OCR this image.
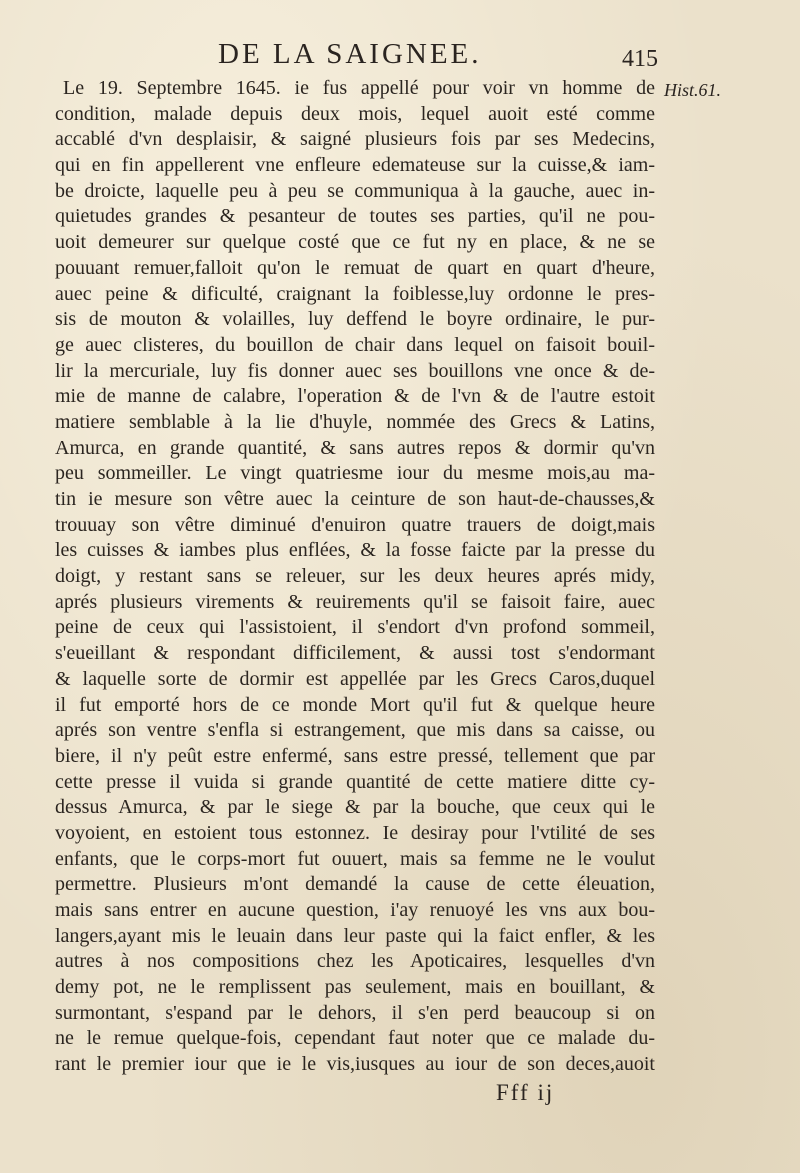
DE LA SAIGNEE.	415
Hist.61.
Le 19. Septembre 1645. ie fus appellé pour voir vn homme de
condition, malade depuis deux mois, lequel auoit esté comme
accablé d'vn desplaisir, & saigné plusieurs fois par ses Medecins,
qui en fin appellerent vne enfleure edemateuse sur la cuisse,& iam-
be droicte, laquelle peu à peu se communiqua à la gauche, auec in-
quietudes grandes & pesanteur de toutes ses parties, qu'il ne pou-
uoit demeurer sur quelque costé que ce fut ny en place, & ne se
pouuant remuer,falloit qu'on le remuat de quart en quart d'heure,
auec peine & dificulté, craignant la foiblesse,luy ordonne le pres-
sis de mouton & volailles, luy deffend le boyre ordinaire, le pur-
ge auec clisteres, du bouillon de chair dans lequel on faisoit bouil-
lir la mercuriale, luy fis donner auec ses bouillons vne once & de-
mie de manne de calabre, l'operation & de l'vn & de l'autre estoit
matiere semblable à la lie d'huyle, nommée des Grecs & Latins,
Amurca, en grande quantité, & sans autres repos & dormir qu'vn
peu sommeiller. Le vingt quatriesme iour du mesme mois,au ma-
tin ie mesure son vêtre auec la ceinture de son haut-de-chausses,&
trouuay son vêtre diminué d'enuiron quatre trauers de doigt,mais
les cuisses & iambes plus enflées, & la fosse faicte par la presse du
doigt, y restant sans se releuer, sur les deux heures aprés midy,
aprés plusieurs virements & reuirements qu'il se faisoit faire, auec
peine de ceux qui l'assistoient, il s'endort d'vn profond sommeil,
s'eueillant & respondant difficilement, & aussi tost s'endormant
& laquelle sorte de dormir est appellée par les Grecs Caros,duquel
il fut emporté hors de ce monde Mort qu'il fut & quelque heure
aprés son ventre s'enfla si estrangement, que mis dans sa caisse, ou
biere, il n'y peût estre enfermé, sans estre pressé, tellement que par
cette presse il vuida si grande quantité de cette matiere ditte cy-
dessus Amurca, & par le siege & par la bouche, que ceux qui le
voyoient, en estoient tous estonnez. Ie desiray pour l'vtilité de ses
enfants, que le corps-mort fut ouuert, mais sa femme ne le voulut
permettre. Plusieurs m'ont demandé la cause de cette éleuation,
mais sans entrer en aucune question, i'ay renuoyé les vns aux bou-
langers,ayant mis le leuain dans leur paste qui la faict enfler, & les
autres à nos compositions chez les Apoticaires, lesquelles d'vn
demy pot, ne le remplissent pas seulement, mais en bouillant, &
surmontant, s'espand par le dehors, il s'en perd beaucoup si on
ne le remue quelque-fois, cependant faut noter que ce malade du-
rant le premier iour que ie le vis,iusques au iour de son deces,auoit
Fff ij
